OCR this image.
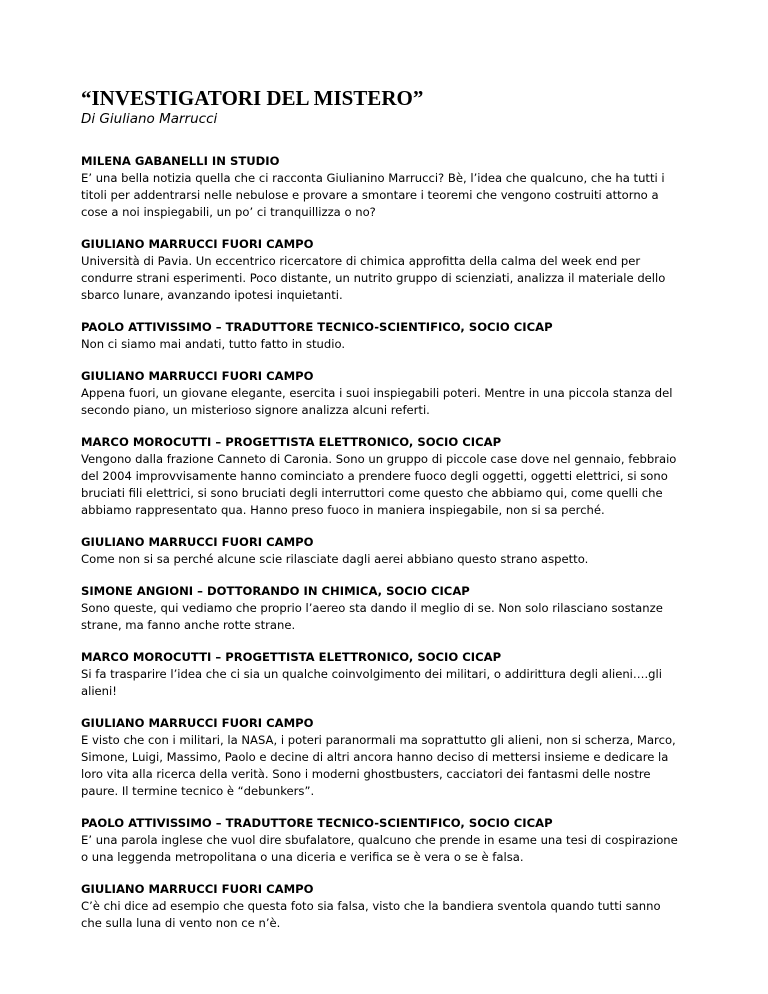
“INVESTIGATORI DEL MISTERO”

Di Giuliano Marrucci

MILENA GABANELLI IN STUDIO

E’ una bella notizia quella che ci racconta Giulianino Marrucci? Bè, l’idea che qualcuno, che ha tutti i titoli per addentrarsi nelle nebulose e provare a smontare i teoremi che vengono costruiti attorno a cose a noi inspiegabili, un po’ ci tranquillizza o no?

GIULIANO MARRUCCI FUORI CAMPO

Università di Pavia. Un eccentrico ricercatore di chimica approfitta della calma del week end per condurre strani esperimenti. Poco distante, un nutrito gruppo di scienziati, analizza il materiale dello sbarco lunare, avanzando ipotesi inquietanti.

PAOLO ATTIVISSIMO – TRADUTTORE TECNICO-SCIENTIFICO, SOCIO CICAP

Non ci siamo mai andati, tutto fatto in studio.

GIULIANO MARRUCCI FUORI CAMPO

Appena fuori, un giovane elegante, esercita i suoi inspiegabili poteri. Mentre in una piccola stanza del secondo piano, un misterioso signore analizza alcuni referti.

MARCO MOROCUTTI – PROGETTISTA ELETTRONICO, SOCIO CICAP

Vengono dalla frazione Canneto di Caronia. Sono un gruppo di piccole case dove nel gennaio, febbraio del 2004 improvvisamente hanno cominciato a prendere fuoco degli oggetti, oggetti elettrici, si sono bruciati fili elettrici, si sono bruciati degli interruttori come questo che abbiamo qui, come quelli che abbiamo rappresentato qua. Hanno preso fuoco in maniera inspiegabile, non si sa perché.

GIULIANO MARRUCCI FUORI CAMPO

Come non si sa perché alcune scie rilasciate dagli aerei abbiano questo strano aspetto.

SIMONE ANGIONI – DOTTORANDO IN CHIMICA, SOCIO CICAP

Sono queste, qui vediamo che proprio l’aereo sta dando il meglio di se. Non solo rilasciano sostanze strane, ma fanno anche rotte strane.

MARCO MOROCUTTI – PROGETTISTA ELETTRONICO, SOCIO CICAP

Si fa trasparire l’idea che ci sia un qualche coinvolgimento dei militari, o addirittura degli alieni….gli alieni!

GIULIANO MARRUCCI FUORI CAMPO

E visto che con i militari, la NASA, i poteri paranormali ma soprattutto gli alieni, non si scherza, Marco, Simone, Luigi, Massimo, Paolo e decine di altri ancora hanno deciso di mettersi insieme e dedicare la loro vita alla ricerca della verità. Sono i moderni ghostbusters, cacciatori dei fantasmi delle nostre paure. Il termine tecnico è “debunkers”.

PAOLO ATTIVISSIMO – TRADUTTORE TECNICO-SCIENTIFICO, SOCIO CICAP

E’ una parola inglese che vuol dire sbufalatore, qualcuno che prende in esame una tesi di cospirazione o una leggenda metropolitana o una diceria e verifica se è vera o se è falsa.

GIULIANO MARRUCCI FUORI CAMPO

C’è chi dice ad esempio che questa foto sia falsa, visto che la bandiera sventola quando tutti sanno che sulla luna di vento non ce n’è.
